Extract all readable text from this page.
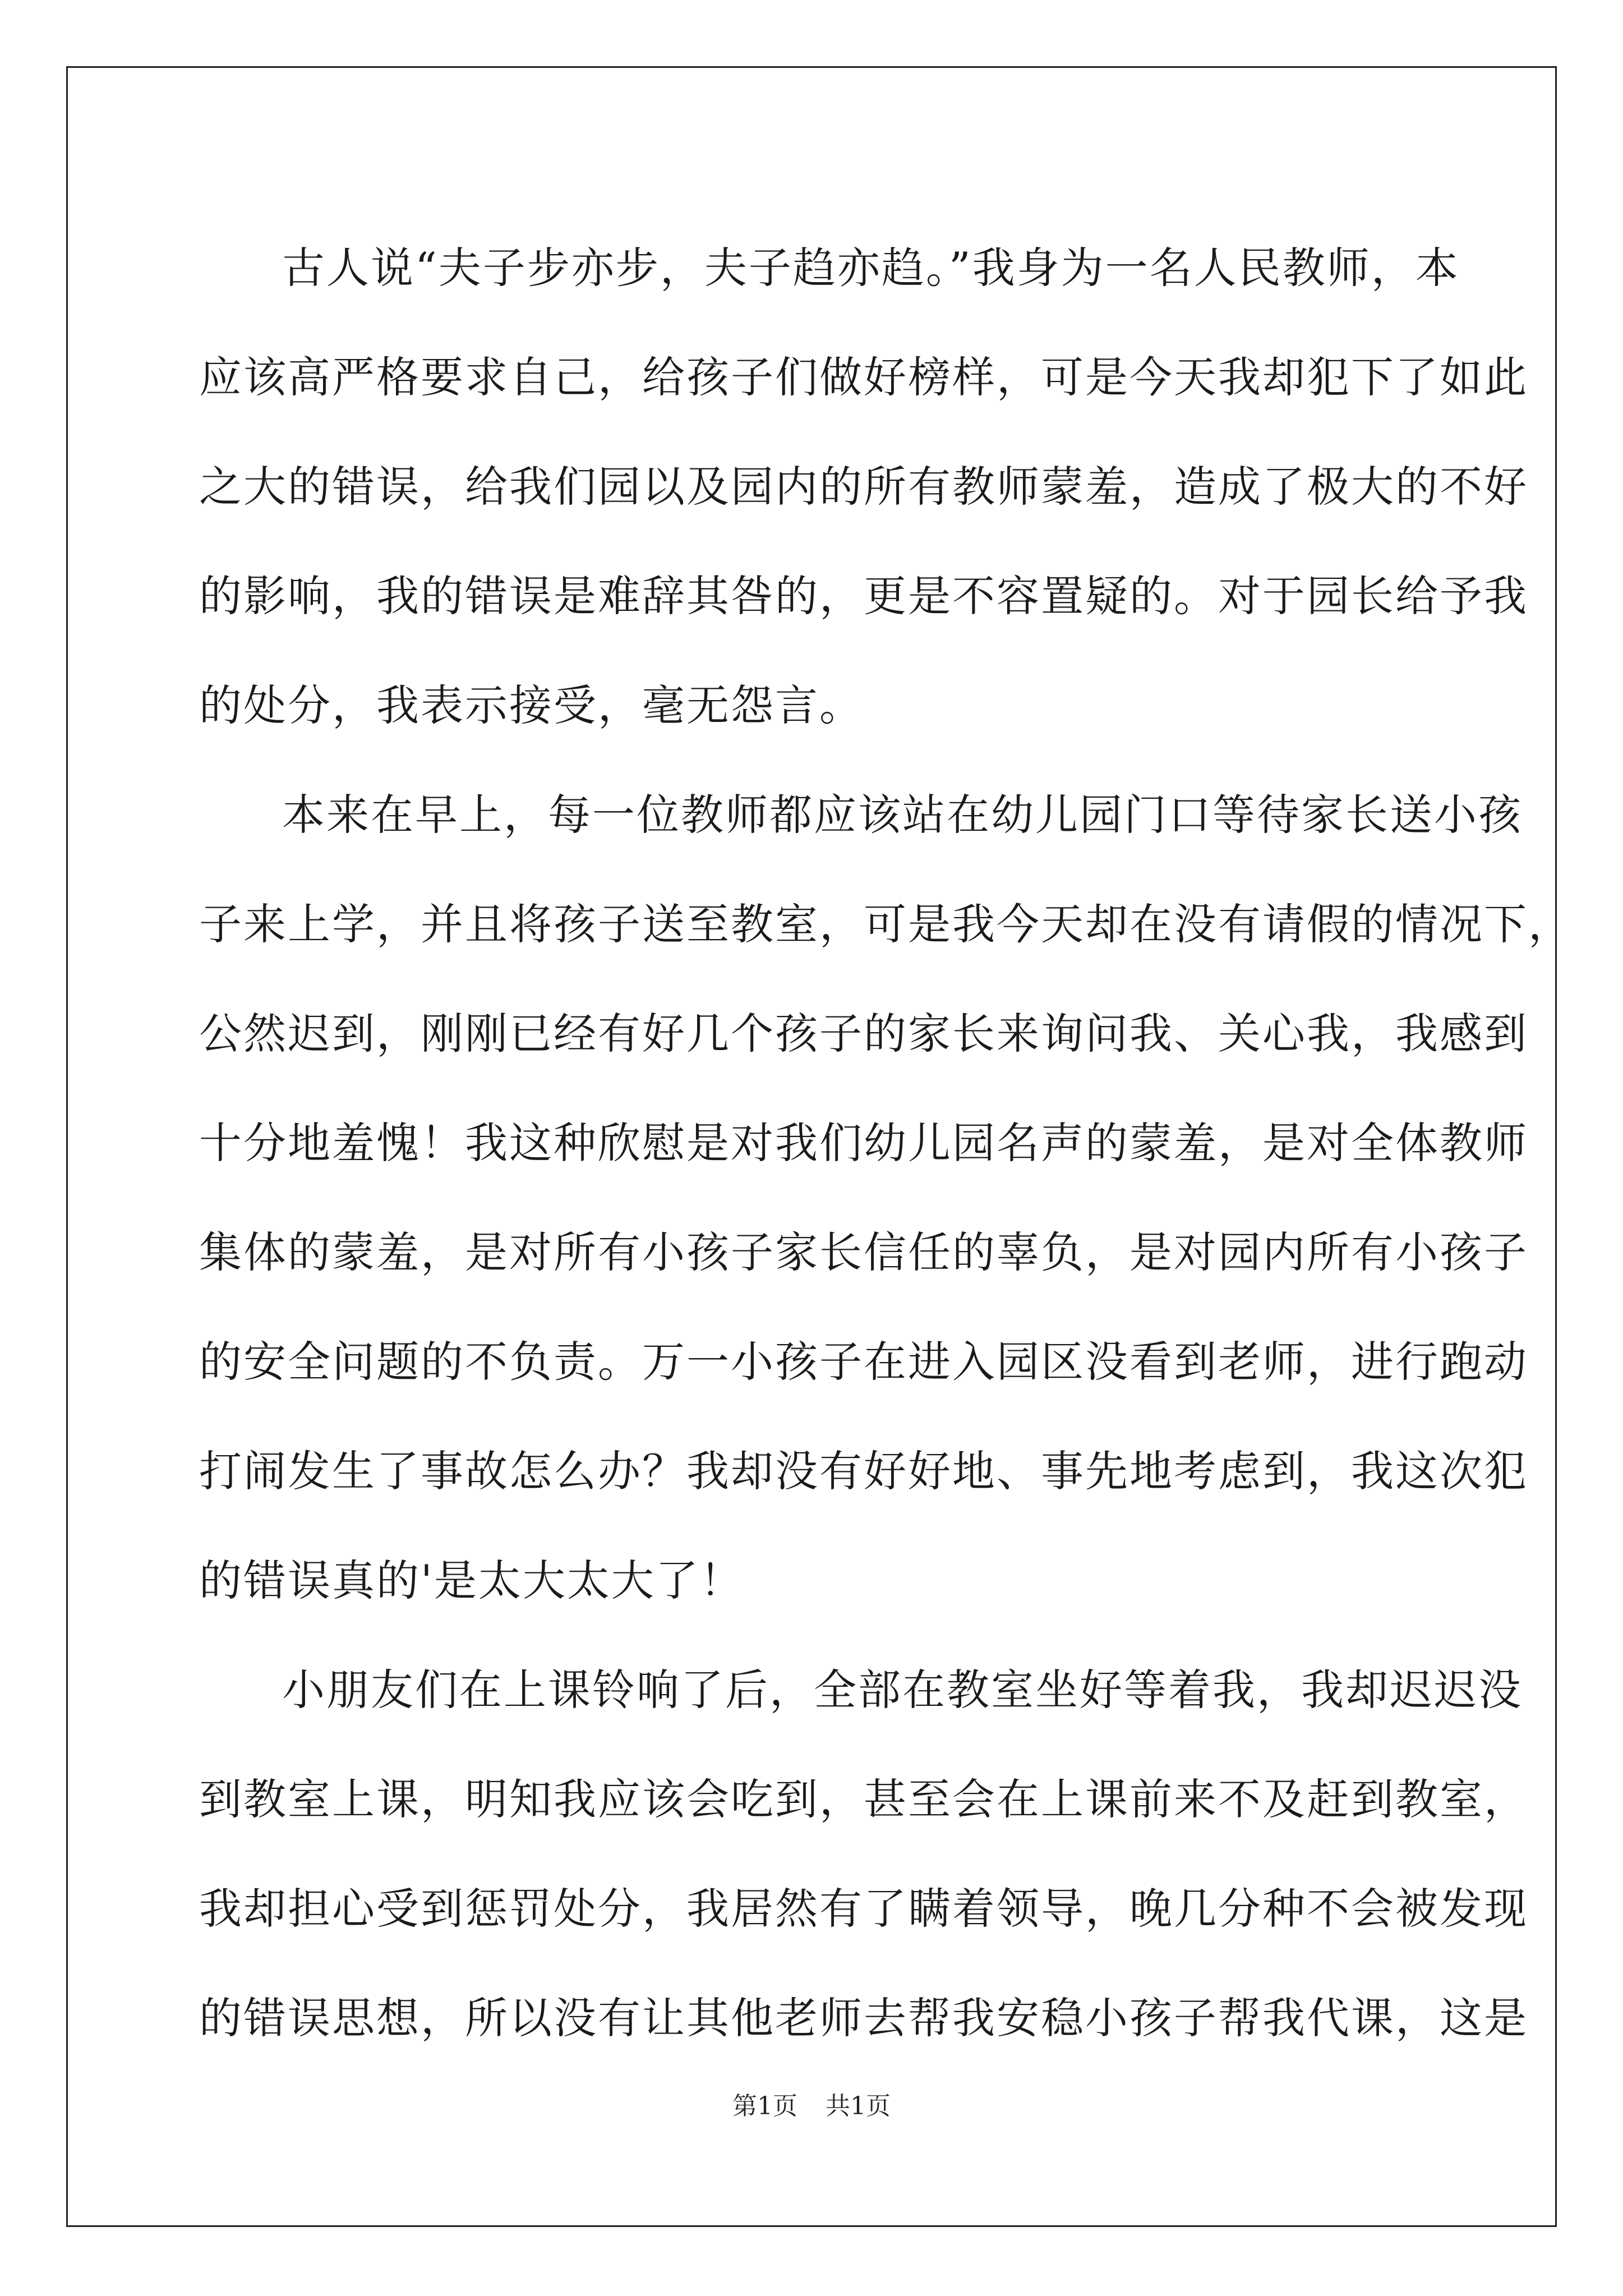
古人说“夫子步亦步，夫子趋亦趋。”我身为一名人民教师，本
应该高严格要求自己，给孩子们做好榜样，可是今天我却犯下了如此
之大的错误，给我们园以及园内的所有教师蒙羞，造成了极大的不好
的影响，我的错误是难辞其咎的，更是不容置疑的。对于园长给予我
的处分，我表示接受，毫无怨言。
本来在早上，每一位教师都应该站在幼儿园门口等待家长送小孩
子来上学，并且将孩子送至教室，可是我今天却在没有请假的情况下，
公然迟到，刚刚已经有好几个孩子的家长来询问我、关心我，我感到
十分地羞愧！我这种欣慰是对我们幼儿园名声的蒙羞，是对全体教师
集体的蒙羞，是对所有小孩子家长信任的辜负，是对园内所有小孩子
的安全问题的不负责。万一小孩子在进入园区没看到老师，进行跑动
打闹发生了事故怎么办？我却没有好好地、事先地考虑到，我这次犯
的错误真的'是太大太大了！
小朋友们在上课铃响了后，全部在教室坐好等着我，我却迟迟没
到教室上课，明知我应该会吃到，甚至会在上课前来不及赶到教室，
我却担心受到惩罚处分，我居然有了瞒着领导，晚几分种不会被发现
的错误思想，所以没有让其他老师去帮我安稳小孩子帮我代课，这是
第1页 共1页
